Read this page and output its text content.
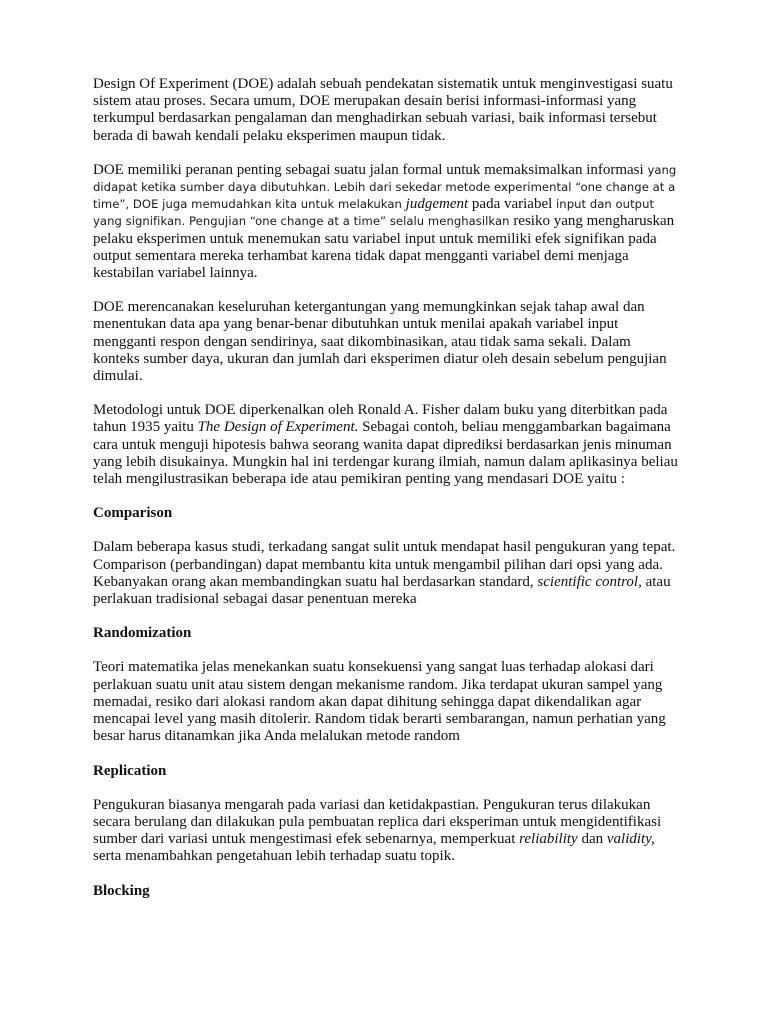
Design Of Experiment (DOE) adalah sebuah pendekatan sistematik untuk menginvestigasi suatu sistem atau proses. Secara umum, DOE merupakan desain berisi informasi-informasi yang terkumpul berdasarkan pengalaman dan menghadirkan sebuah variasi, baik informasi tersebut berada di bawah kendali pelaku eksperimen maupun tidak.

DOE memiliki peranan penting sebagai suatu jalan formal untuk memaksimalkan informasi yang didapat ketika sumber daya dibutuhkan. Lebih dari sekedar metode experimental “one change at a time”, DOE juga memudahkan kita untuk melakukan judgement pada variabel input dan output yang signifikan. Pengujian “one change at a time” selalu menghasilkan resiko yang mengharuskan pelaku eksperimen untuk menemukan satu variabel input untuk memiliki efek signifikan pada output sementara mereka terhambat karena tidak dapat mengganti variabel demi menjaga kestabilan variabel lainnya.

DOE merencanakan keseluruhan ketergantungan yang memungkinkan sejak tahap awal dan menentukan data apa yang benar-benar dibutuhkan untuk menilai apakah variabel input mengganti respon dengan sendirinya, saat dikombinasikan, atau tidak sama sekali. Dalam konteks sumber daya, ukuran dan jumlah dari eksperimen diatur oleh desain sebelum pengujian dimulai.

Metodologi untuk DOE diperkenalkan oleh Ronald A. Fisher dalam buku yang diterbitkan pada tahun 1935 yaitu The Design of Experiment. Sebagai contoh, beliau menggambarkan bagaimana cara untuk menguji hipotesis bahwa seorang wanita dapat diprediksi berdasarkan jenis minuman yang lebih disukainya. Mungkin hal ini terdengar kurang ilmiah, namun dalam aplikasinya beliau telah mengilustrasikan beberapa ide atau pemikiran penting yang mendasari DOE yaitu :

Comparison

Dalam beberapa kasus studi, terkadang sangat sulit untuk mendapat hasil pengukuran yang tepat. Comparison (perbandingan) dapat membantu kita untuk mengambil pilihan dari opsi yang ada. Kebanyakan orang akan membandingkan suatu hal berdasarkan standard, scientific control, atau perlakuan tradisional sebagai dasar penentuan mereka

Randomization

Teori matematika jelas menekankan suatu konsekuensi yang sangat luas terhadap alokasi dari perlakuan suatu unit atau sistem dengan mekanisme random. Jika terdapat ukuran sampel yang memadai, resiko dari alokasi random akan dapat dihitung sehingga dapat dikendalikan agar mencapai level yang masih ditolerir. Random tidak berarti sembarangan, namun perhatian yang besar harus ditanamkan jika Anda melalukan metode random

Replication

Pengukuran biasanya mengarah pada variasi dan ketidakpastian. Pengukuran terus dilakukan secara berulang dan dilakukan pula pembuatan replica dari eksperiman untuk mengidentifikasi sumber dari variasi untuk mengestimasi efek sebenarnya, memperkuat reliability dan validity, serta menambahkan pengetahuan lebih terhadap suatu topik.

Blocking
